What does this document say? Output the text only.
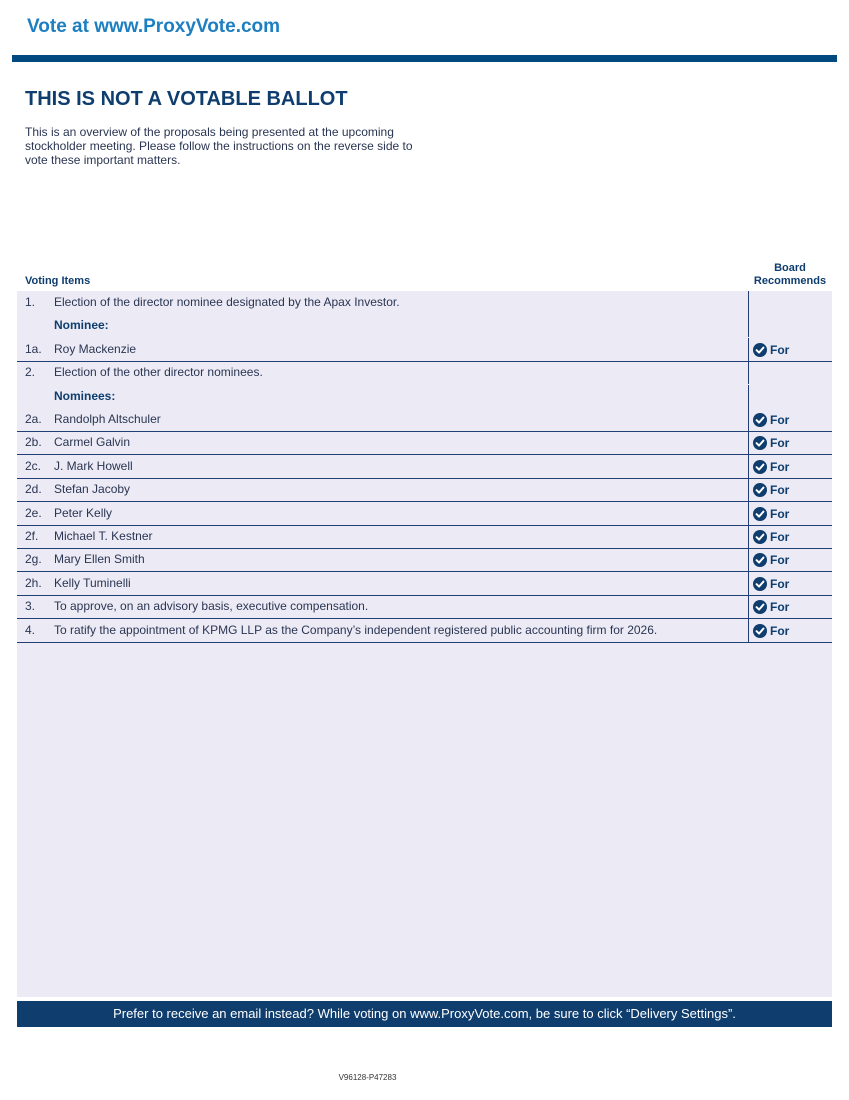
Vote at www.ProxyVote.com
THIS IS NOT A VOTABLE BALLOT
This is an overview of the proposals being presented at the upcoming stockholder meeting. Please follow the instructions on the reverse side to vote these important matters.
Voting Items
Board
Recommends
1. Election of the director nominee designated by the Apax Investor.
Nominee:
1a. Roy Mackenzie	For
2. Election of the other director nominees.
Nominees:
2a. Randolph Altschuler	For
2b. Carmel Galvin	For
2c. J. Mark Howell	For
2d. Stefan Jacoby	For
2e. Peter Kelly	For
2f. Michael T. Kestner	For
2g. Mary Ellen Smith	For
2h. Kelly Tuminelli	For
3. To approve, on an advisory basis, executive compensation.	For
4. To ratify the appointment of KPMG LLP as the Company’s independent registered public accounting firm for 2026.	For
Prefer to receive an email instead? While voting on www.ProxyVote.com, be sure to click “Delivery Settings”.
V96128-P47283
